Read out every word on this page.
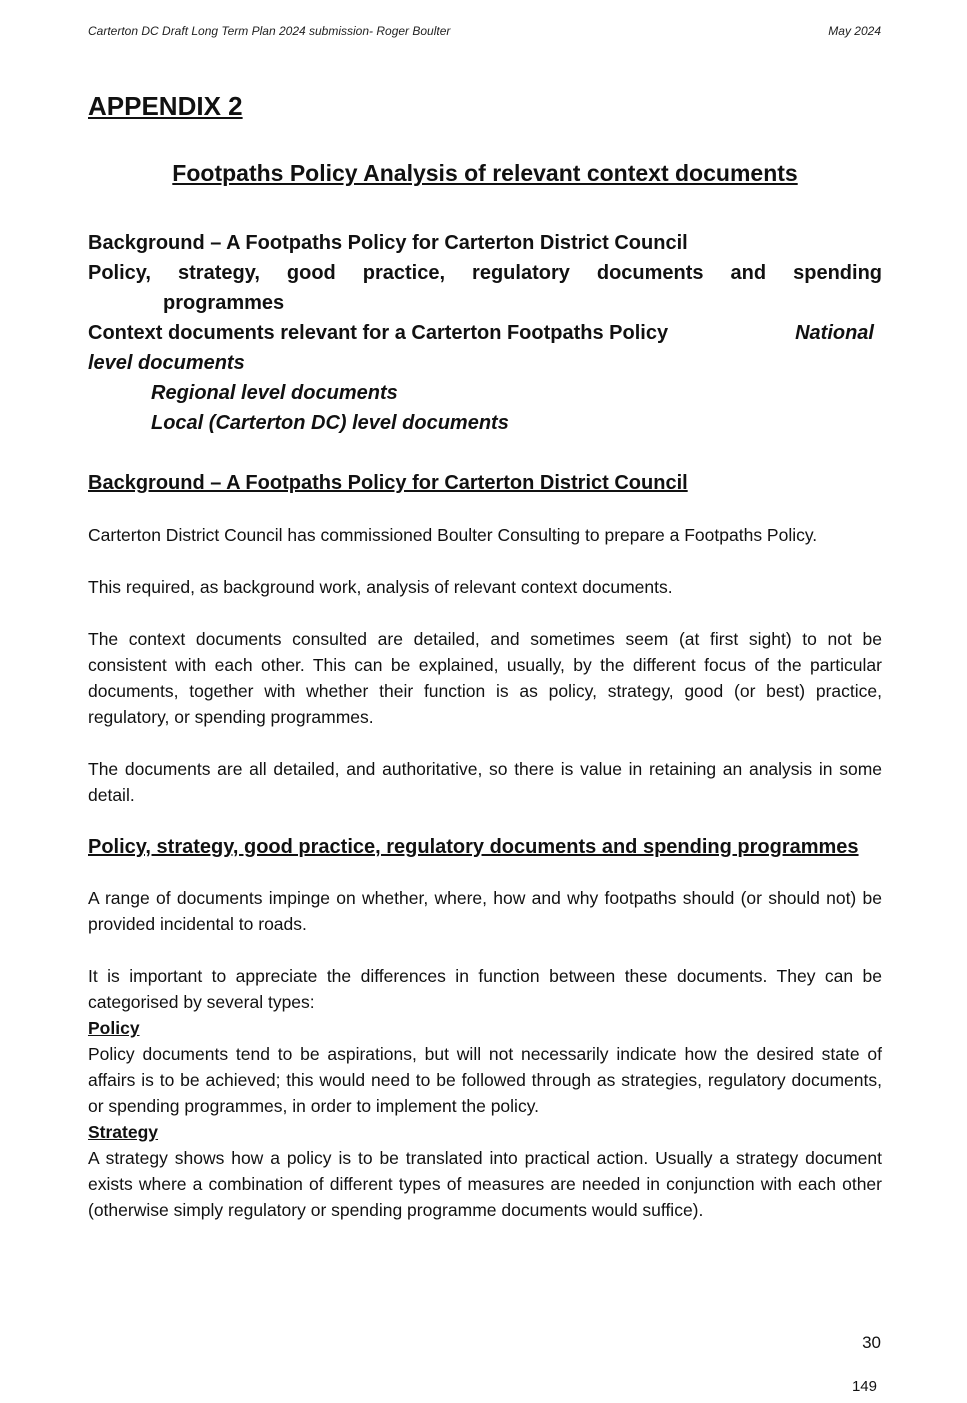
Carterton DC Draft Long Term Plan 2024 submission- Roger Boulter	May 2024
APPENDIX 2
Footpaths Policy Analysis of relevant context documents
Background – A Footpaths Policy for Carterton District Council
Policy, strategy, good practice, regulatory documents and spending
programmes
Context documents relevant for a Carterton Footpaths Policy	National
level documents
Regional level documents
Local (Carterton DC) level documents
Background – A Footpaths Policy for Carterton District Council

Carterton District Council has commissioned Boulter Consulting to prepare a Footpaths Policy.

This required, as background work, analysis of relevant context documents.

The context documents consulted are detailed, and sometimes seem (at first sight) to not be consistent with each other. This can be explained, usually, by the different focus of the particular documents, together with whether their function is as policy, strategy, good (or best) practice, regulatory, or spending programmes.

The documents are all detailed, and authoritative, so there is value in retaining an analysis in some detail.

Policy, strategy, good practice, regulatory documents and spending programmes

A range of documents impinge on whether, where, how and why footpaths should (or should not) be provided incidental to roads.

It is important to appreciate the differences in function between these documents. They can be categorised by several types:

Policy

Policy documents tend to be aspirations, but will not necessarily indicate how the desired state of affairs is to be achieved; this would need to be followed through as strategies, regulatory documents, or spending programmes, in order to implement the policy.

Strategy

A strategy shows how a policy is to be translated into practical action. Usually a strategy document exists where a combination of different types of measures are needed in conjunction with each other (otherwise simply regulatory or spending programme documents would suffice).

30
149
